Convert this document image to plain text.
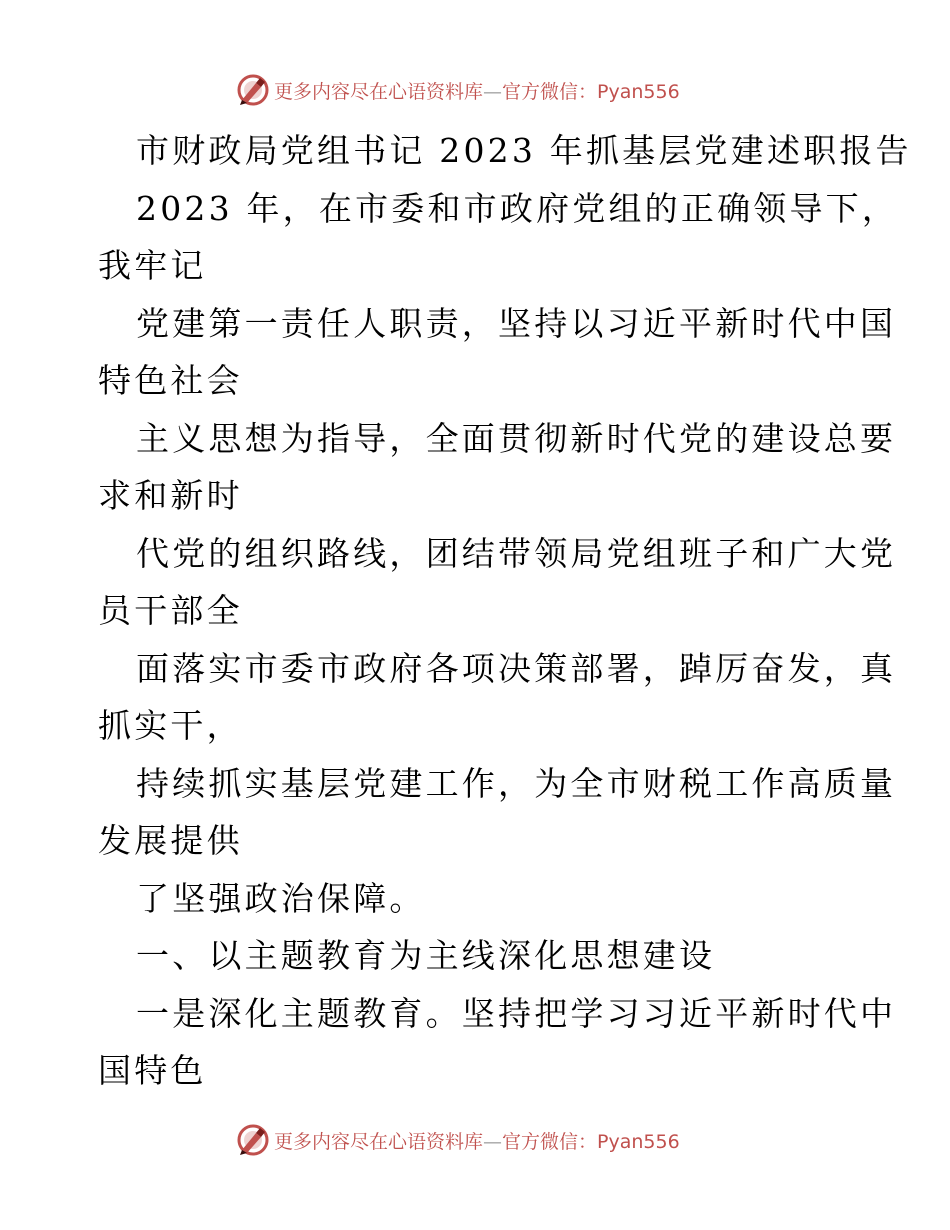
更多内容尽在心语资料库—官方微信：Pyan556
市财政局党组书记 2023 年抓基层党建述职报告
2023 年，在市委和市政府党组的正确领导下，
我牢记
党建第一责任人职责，坚持以习近平新时代中国
特色社会
主义思想为指导，全面贯彻新时代党的建设总要
求和新时
代党的组织路线，团结带领局党组班子和广大党
员干部全
面落实市委市政府各项决策部署，踔厉奋发，真
抓实干，
持续抓实基层党建工作，为全市财税工作高质量
发展提供
了坚强政治保障。
一、以主题教育为主线深化思想建设
一是深化主题教育。坚持把学习习近平新时代中
国特色
更多内容尽在心语资料库—官方微信：Pyan556
